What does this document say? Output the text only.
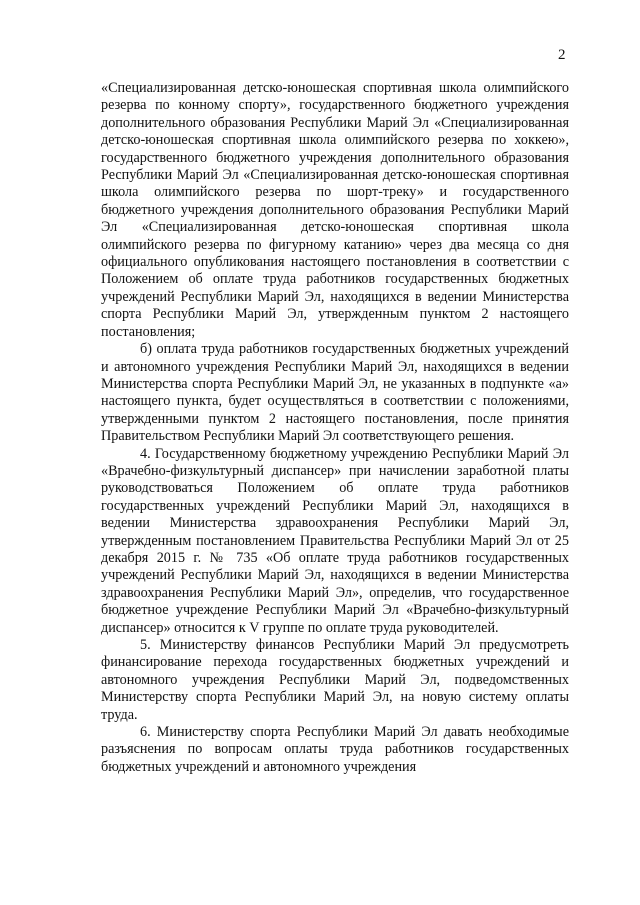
2

«Специализированная детско-юношеская спортивная школа олимпийского резерва по конному спорту», государственного бюджетного учреждения дополнительного образования Республики Марий Эл «Специализированная детско-юношеская спортивная школа олимпийского резерва по хоккею», государственного бюджетного учреждения дополнительного образования Республики Марий Эл «Специализированная детско-юношеская спортивная школа олимпийского резерва по шорт-треку» и государственного бюджетного учреждения дополнительного образования Республики Марий Эл «Специализированная детско-юношеская спортивная школа олимпийского резерва по фигурному катанию» через два месяца со дня официального опубликования настоящего постановления в соответствии с Положением об оплате труда работников государственных бюджетных учреждений Республики Марий Эл, находящихся в ведении Министерства спорта Республики Марий Эл, утвержденным пунктом 2 настоящего постановления;

б) оплата труда работников государственных бюджетных учреждений и автономного учреждения Республики Марий Эл, находящихся в ведении Министерства спорта Республики Марий Эл, не указанных в подпункте «а» настоящего пункта, будет осуществляться в соответствии с положениями, утвержденными пунктом 2 настоящего постановления, после принятия Правительством Республики Марий Эл соответствующего решения.

4. Государственному бюджетному учреждению Республики Марий Эл «Врачебно-физкультурный диспансер» при начислении заработной платы руководствоваться Положением об оплате труда работников государственных учреждений Республики Марий Эл, находящихся в ведении Министерства здравоохранения Республики Марий Эл, утвержденным постановлением Правительства Республики Марий Эл от 25 декабря 2015 г. № 735 «Об оплате труда работников государственных учреждений Республики Марий Эл, находящихся в ведении Министерства здравоохранения Республики Марий Эл», определив, что государственное бюджетное учреждение Республики Марий Эл «Врачебно-физкультурный диспансер» относится к V группе по оплате труда руководителей.

5. Министерству финансов Республики Марий Эл предусмотреть финансирование перехода государственных бюджетных учреждений и автономного учреждения Республики Марий Эл, подведомственных Министерству спорта Республики Марий Эл, на новую систему оплаты труда.

6. Министерству спорта Республики Марий Эл давать необходимые разъяснения по вопросам оплаты труда работников государственных бюджетных учреждений и автономного учреждения
